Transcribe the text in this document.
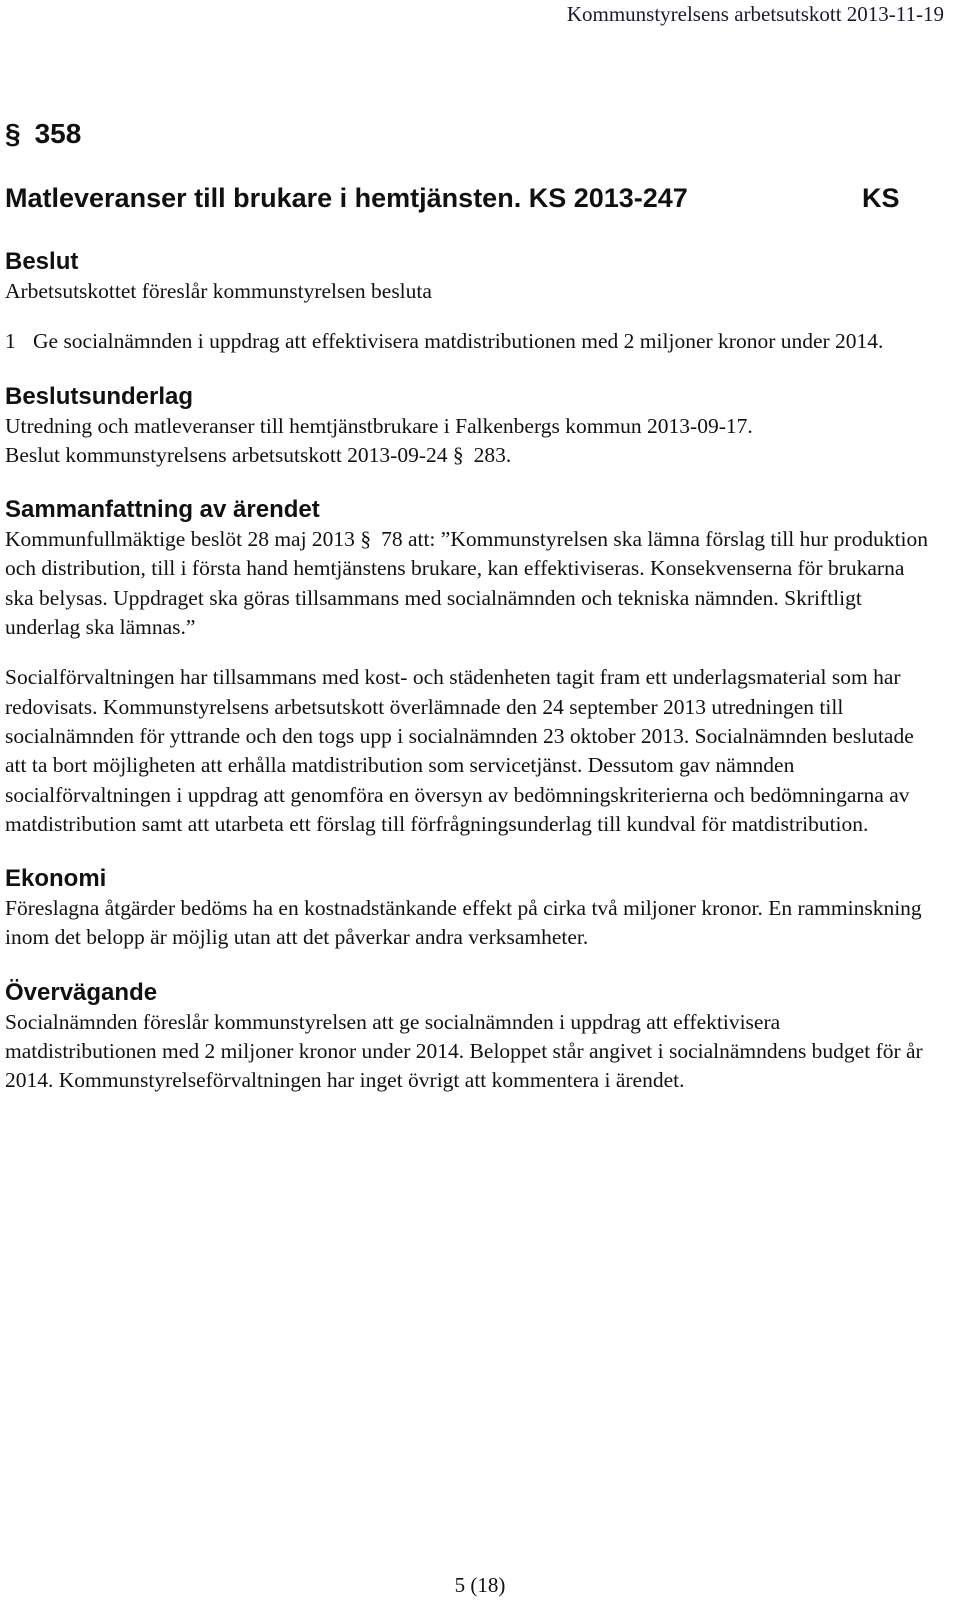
Kommunstyrelsens arbetsutskott 2013-11-19
§ 358
Matleveranser till brukare i hemtjänsten. KS 2013-247	KS
Beslut

Arbetsutskottet föreslår kommunstyrelsen besluta

1 Ge socialnämnden i uppdrag att effektivisera matdistributionen med 2 miljoner kronor under 2014.
Beslutsunderlag

Utredning och matleveranser till hemtjänstbrukare i Falkenbergs kommun 2013-09-17.

Beslut kommunstyrelsens arbetsutskott 2013-09-24 § 283.

Sammanfattning av ärendet

Kommunfullmäktige beslöt 28 maj 2013 § 78 att: ”Kommunstyrelsen ska lämna förslag till hur produktion och distribution, till i första hand hemtjänstens brukare, kan effektiviseras. Konsekvenserna för brukarna ska belysas. Uppdraget ska göras tillsammans med socialnämnden och tekniska nämnden. Skriftligt underlag ska lämnas.”

Socialförvaltningen har tillsammans med kost- och städenheten tagit fram ett underlagsmaterial som har redovisats. Kommunstyrelsens arbetsutskott överlämnade den 24 september 2013 utredningen till socialnämnden för yttrande och den togs upp i socialnämnden 23 oktober 2013. Socialnämnden beslutade att ta bort möjligheten att erhålla matdistribution som servicetjänst. Dessutom gav nämnden socialförvaltningen i uppdrag att genomföra en översyn av bedömningskriterierna och bedömningarna av matdistribution samt att utarbeta ett förslag till förfrågningsunderlag till kundval för matdistribution.

Ekonomi

Föreslagna åtgärder bedöms ha en kostnadstänkande effekt på cirka två miljoner kronor. En ramminskning inom det belopp är möjlig utan att det påverkar andra verksamheter.

Övervägande

Socialnämnden föreslår kommunstyrelsen att ge socialnämnden i uppdrag att effektivisera matdistributionen med 2 miljoner kronor under 2014. Beloppet står angivet i socialnämndens budget för år 2014. Kommunstyrelseförvaltningen har inget övrigt att kommentera i ärendet.

5 (18)
